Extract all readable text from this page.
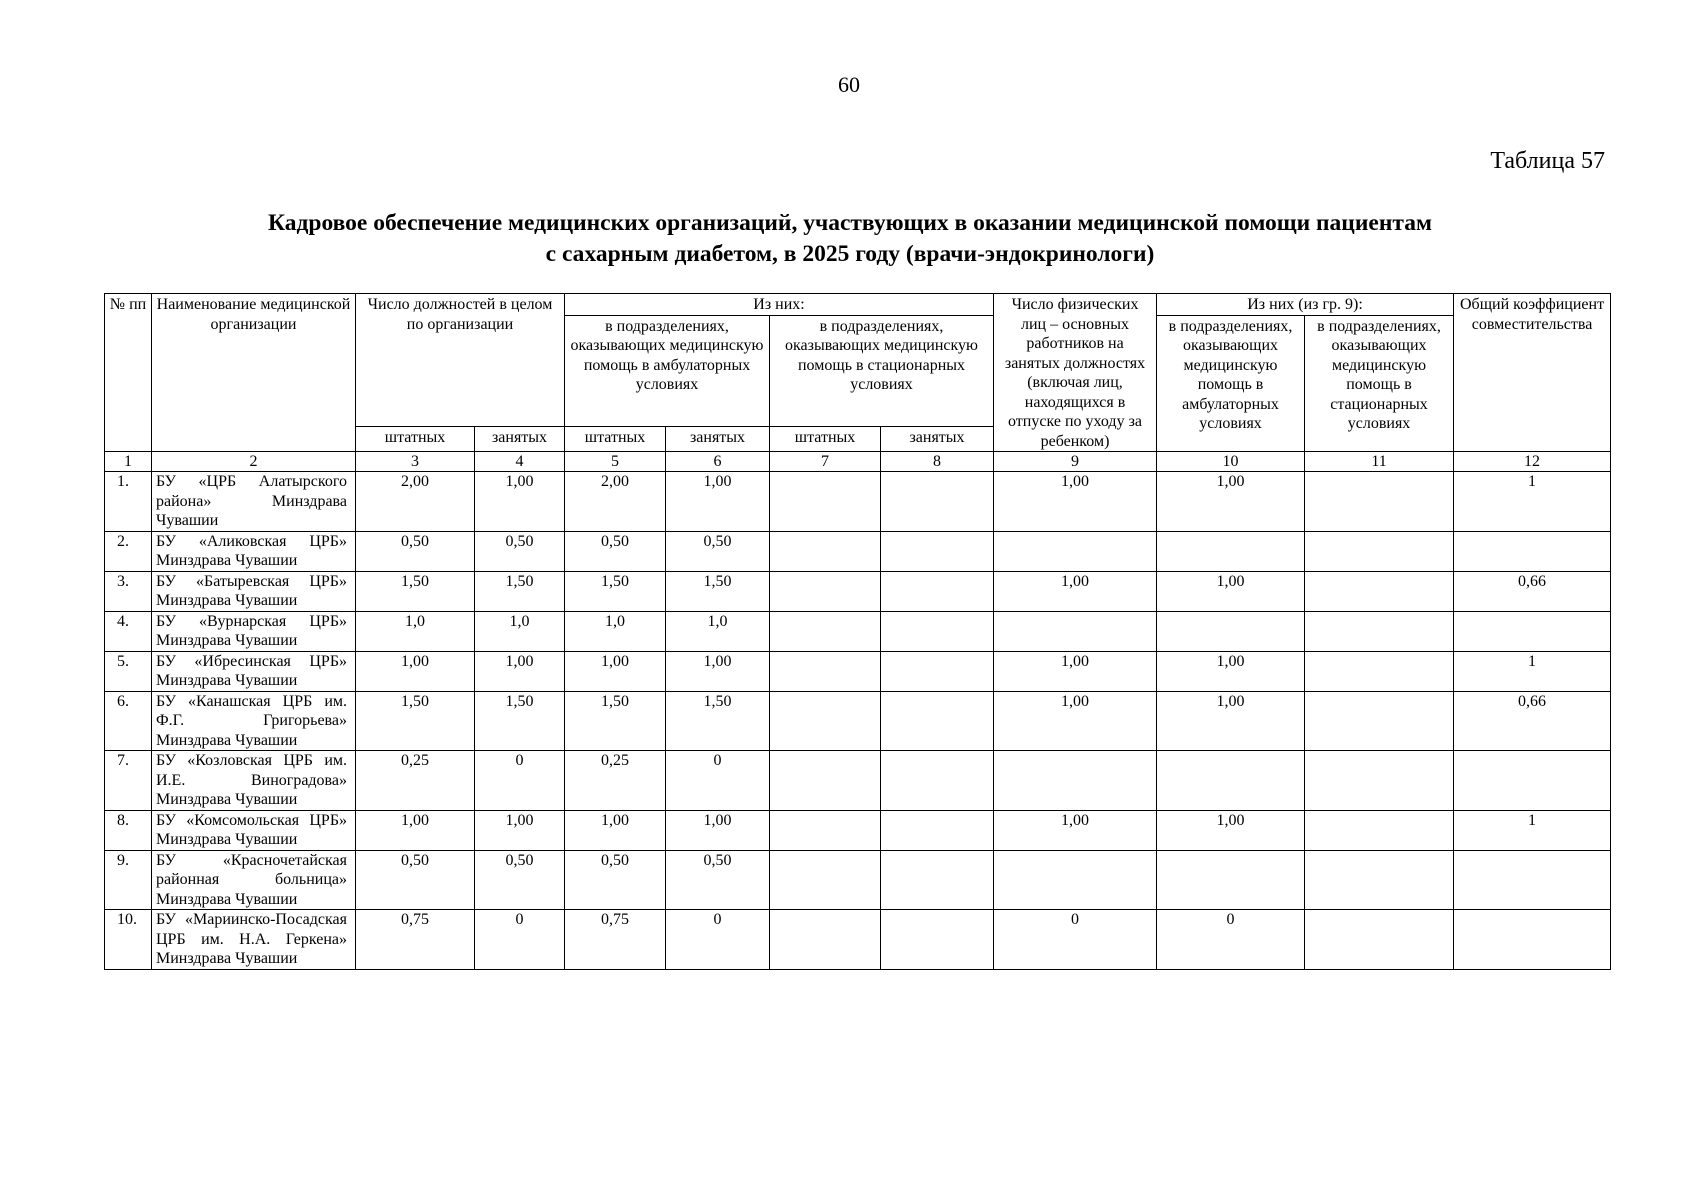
60
Таблица 57
Кадровое обеспечение медицинских организаций, участвующих в оказании медицинской помощи пациентам
с сахарным диабетом, в 2025 году (врачи-эндокринологи)
№ пп	Наименование медицинской организации	Число должностей в целом по организации		Из них:				Число физических лиц – основных работников на занятых должностях (включая лиц, находящихся в отпуске по уходу за ребенком)	Из них (из гр. 9):		Общий коэффициент совместительства
				в подразделениях, оказывающих медицинскую помощь в амбулаторных условиях		в подразделениях, оказывающих медицинскую помощь в стационарных условиях			в подразделениях, оказывающих медицинскую помощь в амбулаторных условиях	в подразделениях, оказывающих медицинскую помощь в стационарных условиях	
		штатных	занятых	штатных	занятых	штатных	занятых				
1	2	3	4	5	6	7	8	9	10	11	12
1.	БУ «ЦРБ Алатырского района» Минздрава Чувашии	2,00	1,00	2,00	1,00			1,00	1,00		1
2.	БУ «Аликовская ЦРБ» Минздрава Чувашии	0,50	0,50	0,50	0,50						
3.	БУ «Батыревская ЦРБ» Минздрава Чувашии	1,50	1,50	1,50	1,50			1,00	1,00		0,66
4.	БУ «Вурнарская ЦРБ» Минздрава Чувашии	1,0	1,0	1,0	1,0						
5.	БУ «Ибресинская ЦРБ» Минздрава Чувашии	1,00	1,00	1,00	1,00			1,00	1,00		1
6.	БУ «Канашская ЦРБ им. Ф.Г. Григорьева» Минздрава Чувашии	1,50	1,50	1,50	1,50			1,00	1,00		0,66
7.	БУ «Козловская ЦРБ им. И.Е. Виноградова» Минздрава Чувашии	0,25	0	0,25	0						
8.	БУ «Комсомольская ЦРБ» Минздрава Чувашии	1,00	1,00	1,00	1,00			1,00	1,00		1
9.	БУ «Красночетайская районная больница» Минздрава Чувашии	0,50	0,50	0,50	0,50						
10.	БУ «Мариинско-Посадская ЦРБ им. Н.А. Геркена» Минздрава Чувашии	0,75	0	0,75	0			0	0		
